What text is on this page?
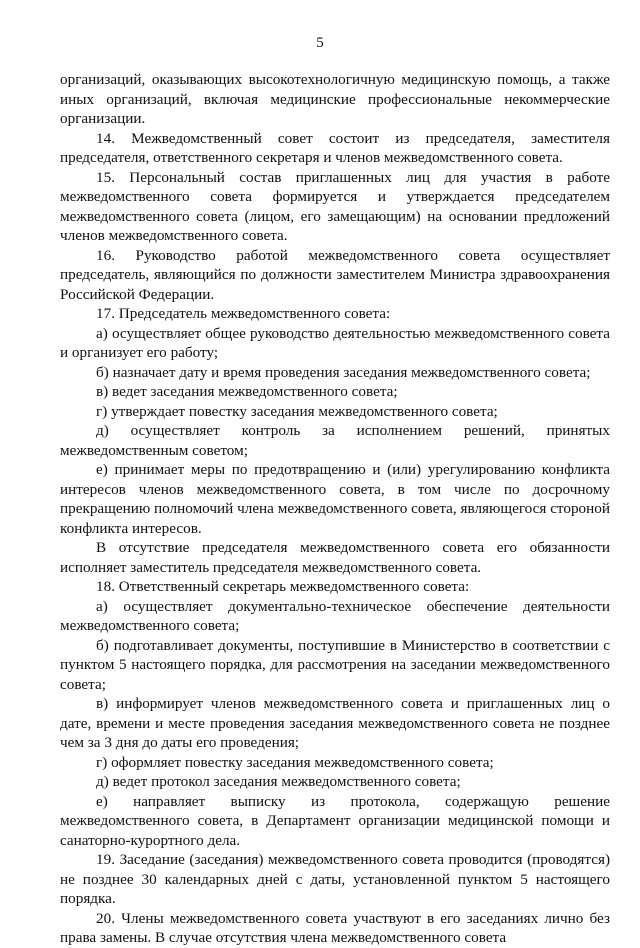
5

организаций, оказывающих высокотехнологичную медицинскую помощь, а также иных организаций, включая медицинские профессиональные некоммерческие организации.

14. Межведомственный совет состоит из председателя, заместителя председателя, ответственного секретаря и членов межведомственного совета.

15. Персональный состав приглашенных лиц для участия в работе межведомственного совета формируется и утверждается председателем межведомственного совета (лицом, его замещающим) на основании предложений членов межведомственного совета.

16. Руководство работой межведомственного совета осуществляет председатель, являющийся по должности заместителем Министра здравоохранения Российской Федерации.

17. Председатель межведомственного совета:

а) осуществляет общее руководство деятельностью межведомственного совета и организует его работу;

б) назначает дату и время проведения заседания межведомственного совета;

в) ведет заседания межведомственного совета;

г) утверждает повестку заседания межведомственного совета;

д) осуществляет контроль за исполнением решений, принятых межведомственным советом;

е) принимает меры по предотвращению и (или) урегулированию конфликта интересов членов межведомственного совета, в том числе по досрочному прекращению полномочий члена межведомственного совета, являющегося стороной конфликта интересов.

В отсутствие председателя межведомственного совета его обязанности исполняет заместитель председателя межведомственного совета.

18. Ответственный секретарь межведомственного совета:

а) осуществляет документально-техническое обеспечение деятельности межведомственного совета;

б) подготавливает документы, поступившие в Министерство в соответствии с пунктом 5 настоящего порядка, для рассмотрения на заседании межведомственного совета;

в) информирует членов межведомственного совета и приглашенных лиц о дате, времени и месте проведения заседания межведомственного совета не позднее чем за 3 дня до даты его проведения;

г) оформляет повестку заседания межведомственного совета;

д) ведет протокол заседания межведомственного совета;

е) направляет выписку из протокола, содержащую решение межведомственного совета, в Департамент организации медицинской помощи и санаторно-курортного дела.

19. Заседание (заседания) межведомственного совета проводится (проводятся) не позднее 30 календарных дней с даты, установленной пунктом 5 настоящего порядка.

20. Члены межведомственного совета участвуют в его заседаниях лично без права замены. В случае отсутствия члена межведомственного совета
